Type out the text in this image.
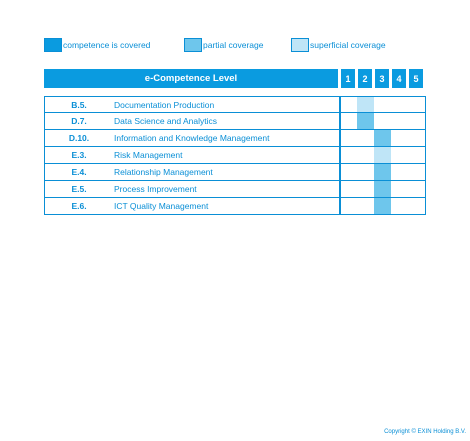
competence is covered	partial coverage	superficial coverage
e-Competence Level	1	2	3	4	5
B.5.	Documentation Production
D.7.	Data Science and Analytics
D.10.	Information and Knowledge Management
E.3.	Risk Management
E.4.	Relationship Management
E.5.	Process Improvement
E.6.	ICT Quality Management
Copyright © EXIN Holding B.V.
